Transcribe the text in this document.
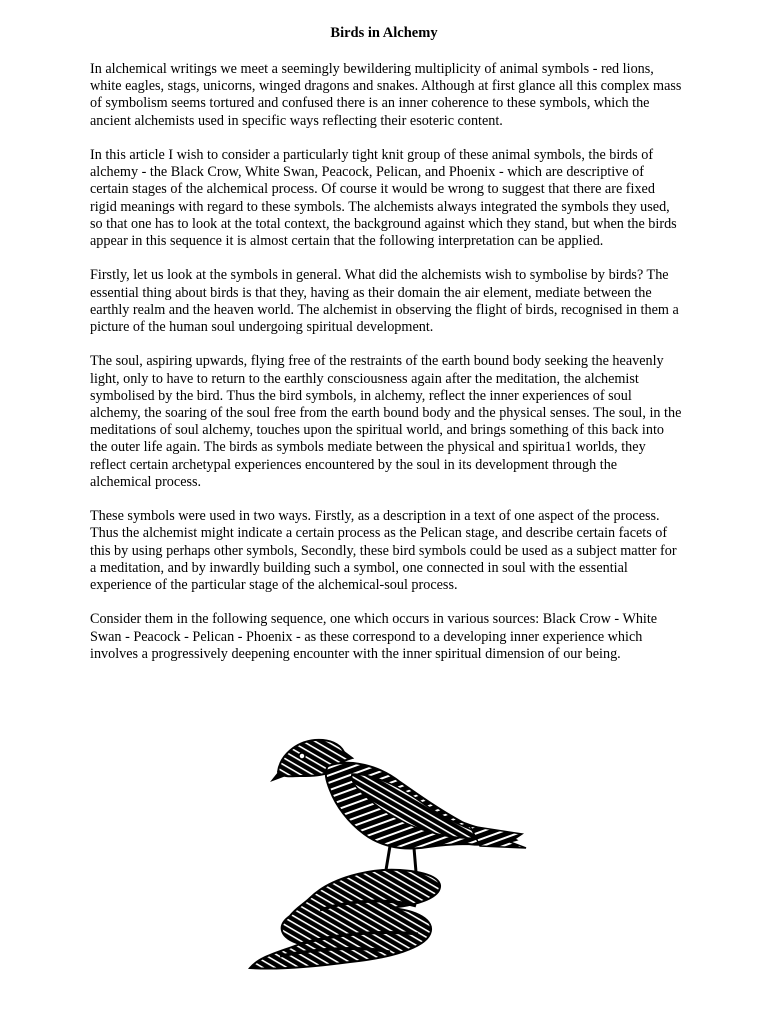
Birds in Alchemy

In alchemical writings we meet a seemingly bewildering multiplicity of animal symbols - red lions, white eagles, stags, unicorns, winged dragons and snakes. Although at first glance all this complex mass of symbolism seems tortured and confused there is an inner coherence to these symbols, which the ancient alchemists used in specific ways reflecting their esoteric content.

In this article I wish to consider a particularly tight knit group of these animal symbols, the birds of alchemy - the Black Crow, White Swan, Peacock, Pelican, and Phoenix - which are descriptive of certain stages of the alchemical process. Of course it would be wrong to suggest that there are fixed rigid meanings with regard to these symbols. The alchemists always integrated the symbols they used, so that one has to look at the total context, the background against which they stand, but when the birds appear in this sequence it is almost certain that the following interpretation can be applied.

Firstly, let us look at the symbols in general. What did the alchemists wish to symbolise by birds? The essential thing about birds is that they, having as their domain the air element, mediate between the earthly realm and the heaven world. The alchemist in observing the flight of birds, recognised in them a picture of the human soul undergoing spiritual development.

The soul, aspiring upwards, flying free of the restraints of the earth bound body seeking the heavenly light, only to have to return to the earthly consciousness again after the meditation, the alchemist symbolised by the bird. Thus the bird symbols, in alchemy, reflect the inner experiences of soul alchemy, the soaring of the soul free from the earth bound body and the physical senses. The soul, in the meditations of soul alchemy, touches upon the spiritual world, and brings something of this back into the outer life again. The birds as symbols mediate between the physical and spiritua1 worlds, they reflect certain archetypal experiences encountered by the soul in its development through the alchemical process.

These symbols were used in two ways. Firstly, as a description in a text of one aspect of the process. Thus the alchemist might indicate a certain process as the Pelican stage, and describe certain facets of this by using perhaps other symbols, Secondly, these bird symbols could be used as a subject matter for a meditation, and by inwardly building such a symbol, one connected in soul with the essential experience of the particular stage of the alchemical-soul process.

Consider them in the following sequence, one which occurs in various sources: Black Crow - White Swan - Peacock - Pelican - Phoenix - as these correspond to a developing inner experience which involves a progressively deepening encounter with the inner spiritual dimension of our being.
